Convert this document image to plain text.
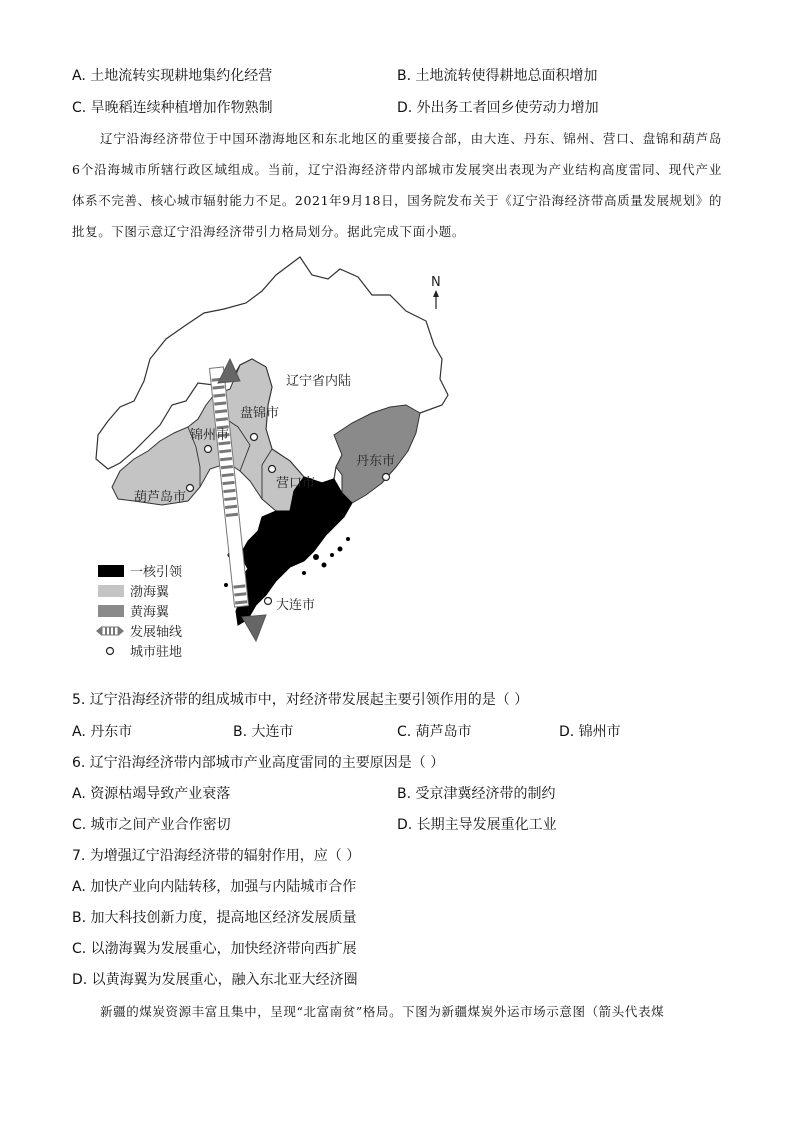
A. 土地流转实现耕地集约化经营	B. 土地流转使得耕地总面积增加
C. 旱晚稻连续种植增加作物熟制	D. 外出务工者回乡使劳动力增加

辽宁沿海经济带位于中国环渤海地区和东北地区的重要接合部，由大连、丹东、锦州、营口、盘锦和葫芦岛6个沿海城市所辖行政区域组成。当前，辽宁沿海经济带内部城市发展突出表现为产业结构高度雷同、现代产业体系不完善、核心城市辐射能力不足。2021年9月18日，国务院发布关于《辽宁沿海经济带高质量发展规划》的批复。下图示意辽宁沿海经济带引力格局划分。据此完成下面小题。

辽宁省内陆
盘锦市
锦州市
丹东市
营口市
葫芦岛市
大连市
N
一核引领
渤海翼
黄海翼
发展轴线
城市驻地
5. 辽宁沿海经济带的组成城市中，对经济带发展起主要引领作用的是（ ）
A. 丹东市	B. 大连市	C. 葫芦岛市	D. 锦州市
6. 辽宁沿海经济带内部城市产业高度雷同的主要原因是（ ）
A. 资源枯竭导致产业衰落	B. 受京津冀经济带的制约
C. 城市之间产业合作密切	D. 长期主导发展重化工业
7. 为增强辽宁沿海经济带的辐射作用，应（ ）
A. 加快产业向内陆转移，加强与内陆城市合作
B. 加大科技创新力度，提高地区经济发展质量
C. 以渤海翼为发展重心，加快经济带向西扩展
D. 以黄海翼为发展重心，融入东北亚大经济圈

新疆的煤炭资源丰富且集中，呈现“北富南贫”格局。下图为新疆煤炭外运市场示意图（箭头代表煤
